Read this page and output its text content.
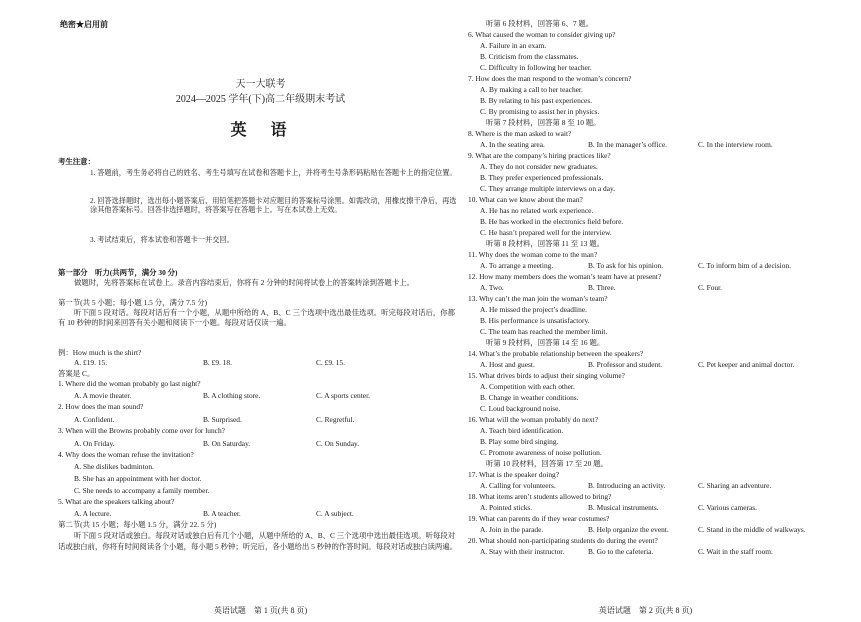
绝密★启用前
天一大联考
2024—2025 学年(下)高二年级期末考试
英　语
考生注意：
1. 答题前，考生务必将自己的姓名、考生号填写在试卷和答题卡上，并将考生号条形码粘贴在答题卡上的指定位置。
2. 回答选择题时，选出每小题答案后，用铅笔把答题卡对应题目的答案标号涂黑。如需改动，用橡皮擦干净后，再选涂其他答案标号。回答非选择题时，将答案写在答题卡上。写在本试卷上无效。
3. 考试结束后，将本试卷和答题卡一并交回。
第一部分　听力(共两节，满分 30 分)
做题时，先将答案标在试卷上。录音内容结束后，你将有 2 分钟的时间将试卷上的答案转涂到答题卡上。
第一节(共 5 小题；每小题 1.5 分，满分 7.5 分)
听下面 5 段对话。每段对话后有一个小题，从题中所给的 A、B、C 三个选项中选出最佳选项。听完每段对话后，你都有 10 秒钟的时间来回答有关小题和阅读下一小题。每段对话仅读一遍。
例：How much is the shirt?
A. £19. 15.	B. £9. 18.	C. £9. 15.
答案是 C。
1. Where did the woman probably go last night?
A. A movie theater.	B. A clothing store.	C. A sports center.
2. How does the man sound?
A. Confident.	B. Surprised.	C. Regretful.
3. When will the Browns probably come over for lunch?
A. On Friday.	B. On Saturday.	C. On Sunday.
4. Why does the woman refuse the invitation?
A. She dislikes badminton.
B. She has an appointment with her doctor.
C. She needs to accompany a family member.
5. What are the speakers talking about?
A. A lecture.	B. A teacher.	C. A subject.
第二节(共 15 小题；每小题 1.5 分，满分 22. 5 分)
听下面 5 段对话或独白。每段对话或独白后有几个小题，从题中所给的 A、B、C 三个选项中选出最佳选项。听每段对话或独白前，你将有时间阅读各个小题，每小题 5 秒钟；听完后，各小题给出 5 秒钟的作答时间。每段对话或独白读两遍。
英语试题　第 1 页(共 8 页)
听第 6 段材料，回答第 6、7 题。
6. What caused the woman to consider giving up?
A. Failure in an exam.
B. Criticism from the classmates.
C. Difficulty in following her teacher.
7. How does the man respond to the woman’s concern?
A. By making a call to her teacher.
B. By relating to his past experiences.
C. By promising to assist her in physics.
听第 7 段材料，回答第 8 至 10 题。
8. Where is the man asked to wait?
A. In the seating area.	B. In the manager’s office.	C. In the interview room.
9. What are the company’s hiring practices like?
A. They do not consider new graduates.
B. They prefer experienced professionals.
C. They arrange multiple interviews on a day.
10. What can we know about the man?
A. He has no related work experience.
B. He has worked in the electronics field before.
C. He hasn’t prepared well for the interview.
听第 8 段材料，回答第 11 至 13 题。
11. Why does the woman come to the man?
A. To arrange a meeting.	B. To ask for his opinion.	C. To inform him of a decision.
12. How many members does the woman’s team have at present?
A. Two.	B. Three.	C. Four.
13. Why can’t the man join the woman’s team?
A. He missed the project’s deadline.
B. His performance is unsatisfactory.
C. The team has reached the member limit.
听第 9 段材料，回答第 14 至 16 题。
14. What’s the probable relationship between the speakers?
A. Host and guest.	B. Professor and student.	C. Pet keeper and animal doctor.
15. What drives birds to adjust their singing volume?
A. Competition with each other.
B. Change in weather conditions.
C. Loud background noise.
16. What will the woman probably do next?
A. Teach bird identification.
B. Play some bird singing.
C. Promote awareness of noise pollution.
听第 10 段材料，回答第 17 至 20 题。
17. What is the speaker doing?
A. Calling for volunteers.	B. Introducing an activity.	C. Sharing an adventure.
18. What items aren’t students allowed to bring?
A. Pointed sticks.	B. Musical instruments.	C. Various cameras.
19. What can parents do if they wear costumes?
A. Join in the parade.	B. Help organize the event.	C. Stand in the middle of walkways.
20. What should non-participating students do during the event?
A. Stay with their instructor.	B. Go to the cafeteria.	C. Wait in the staff room.
英语试题　第 2 页(共 8 页)
